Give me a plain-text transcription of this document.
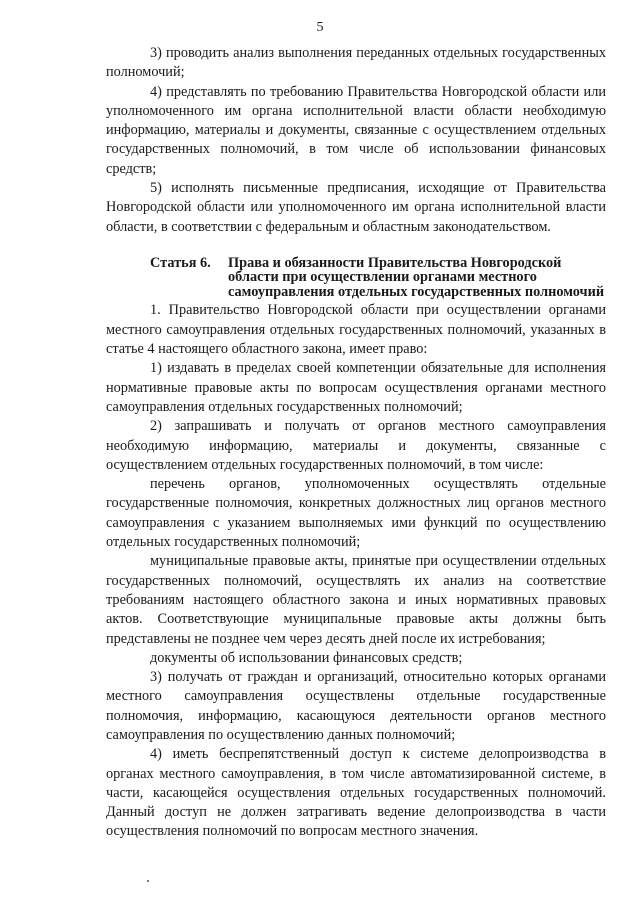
5

3) проводить анализ выполнения переданных отдельных государственных полномочий;

4) представлять по требованию Правительства Новгородской области или уполномоченного им органа исполнительной власти области необходимую информацию, материалы и документы, связанные с осуществлением отдельных государственных полномочий, в том числе об использовании финансовых средств;

5) исполнять письменные предписания, исходящие от Правительства Новгородской области или уполномоченного им органа исполнительной власти области, в соответствии с федеральным и областным законодательством.

Статья 6.	Права и обязанности Правительства Новгородской области при осуществлении органами местного самоуправления отдельных государственных полномочий

1. Правительство Новгородской области при осуществлении органами местного самоуправления отдельных государственных полномочий, указанных в статье 4 настоящего областного закона, имеет право:

1) издавать в пределах своей компетенции обязательные для исполнения нормативные правовые акты по вопросам осуществления органами местного самоуправления отдельных государственных полномочий;

2) запрашивать и получать от органов местного самоуправления необходимую информацию, материалы и документы, связанные с осуществлением отдельных государственных полномочий, в том числе:

перечень органов, уполномоченных осуществлять отдельные государственные полномочия, конкретных должностных лиц органов местного самоуправления с указанием выполняемых ими функций по осуществлению отдельных государственных полномочий;

муниципальные правовые акты, принятые при осуществлении отдельных государственных полномочий, осуществлять их анализ на соответствие требованиям настоящего областного закона и иных нормативных правовых актов. Соответствующие муниципальные правовые акты должны быть представлены не позднее чем через десять дней после их истребования;

документы об использовании финансовых средств;

3) получать от граждан и организаций, относительно которых органами местного самоуправления осуществлены отдельные государственные полномочия, информацию, касающуюся деятельности органов местного самоуправления по осуществлению данных полномочий;

4) иметь беспрепятственный доступ к системе делопроизводства в органах местного самоуправления, в том числе автоматизированной системе, в части, касающейся осуществления отдельных государственных полномочий. Данный доступ не должен затрагивать ведение делопроизводства в части осуществления полномочий по вопросам местного значения.
